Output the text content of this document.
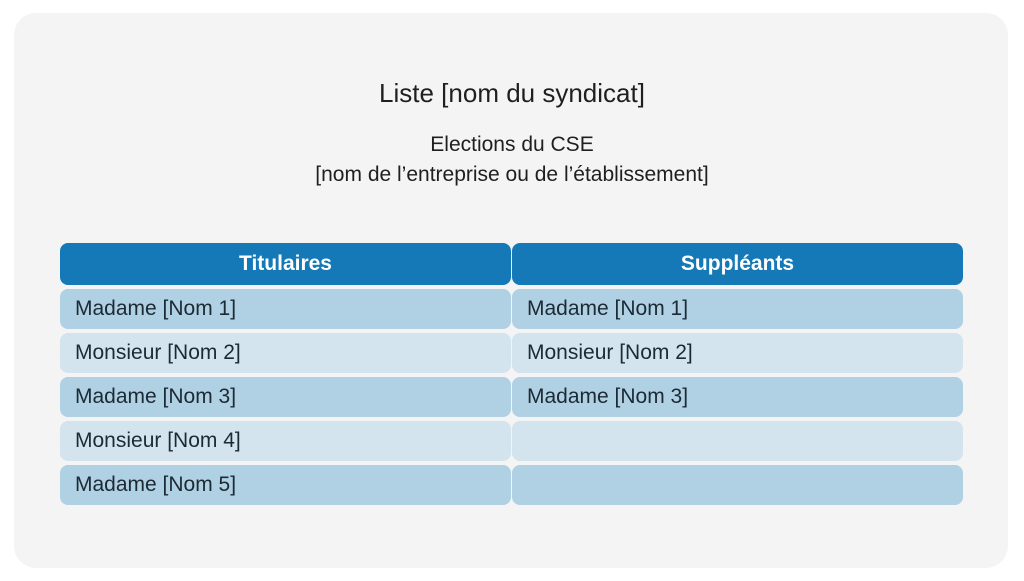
Liste [nom du syndicat]
Elections du CSE
[nom de l’entreprise ou de l’établissement]
Titulaires
Madame [Nom 1]
Monsieur [Nom 2]
Madame [Nom 3]
Monsieur [Nom 4]
Madame [Nom 5]
Suppléants
Madame [Nom 1]
Monsieur [Nom 2]
Madame [Nom 3]
